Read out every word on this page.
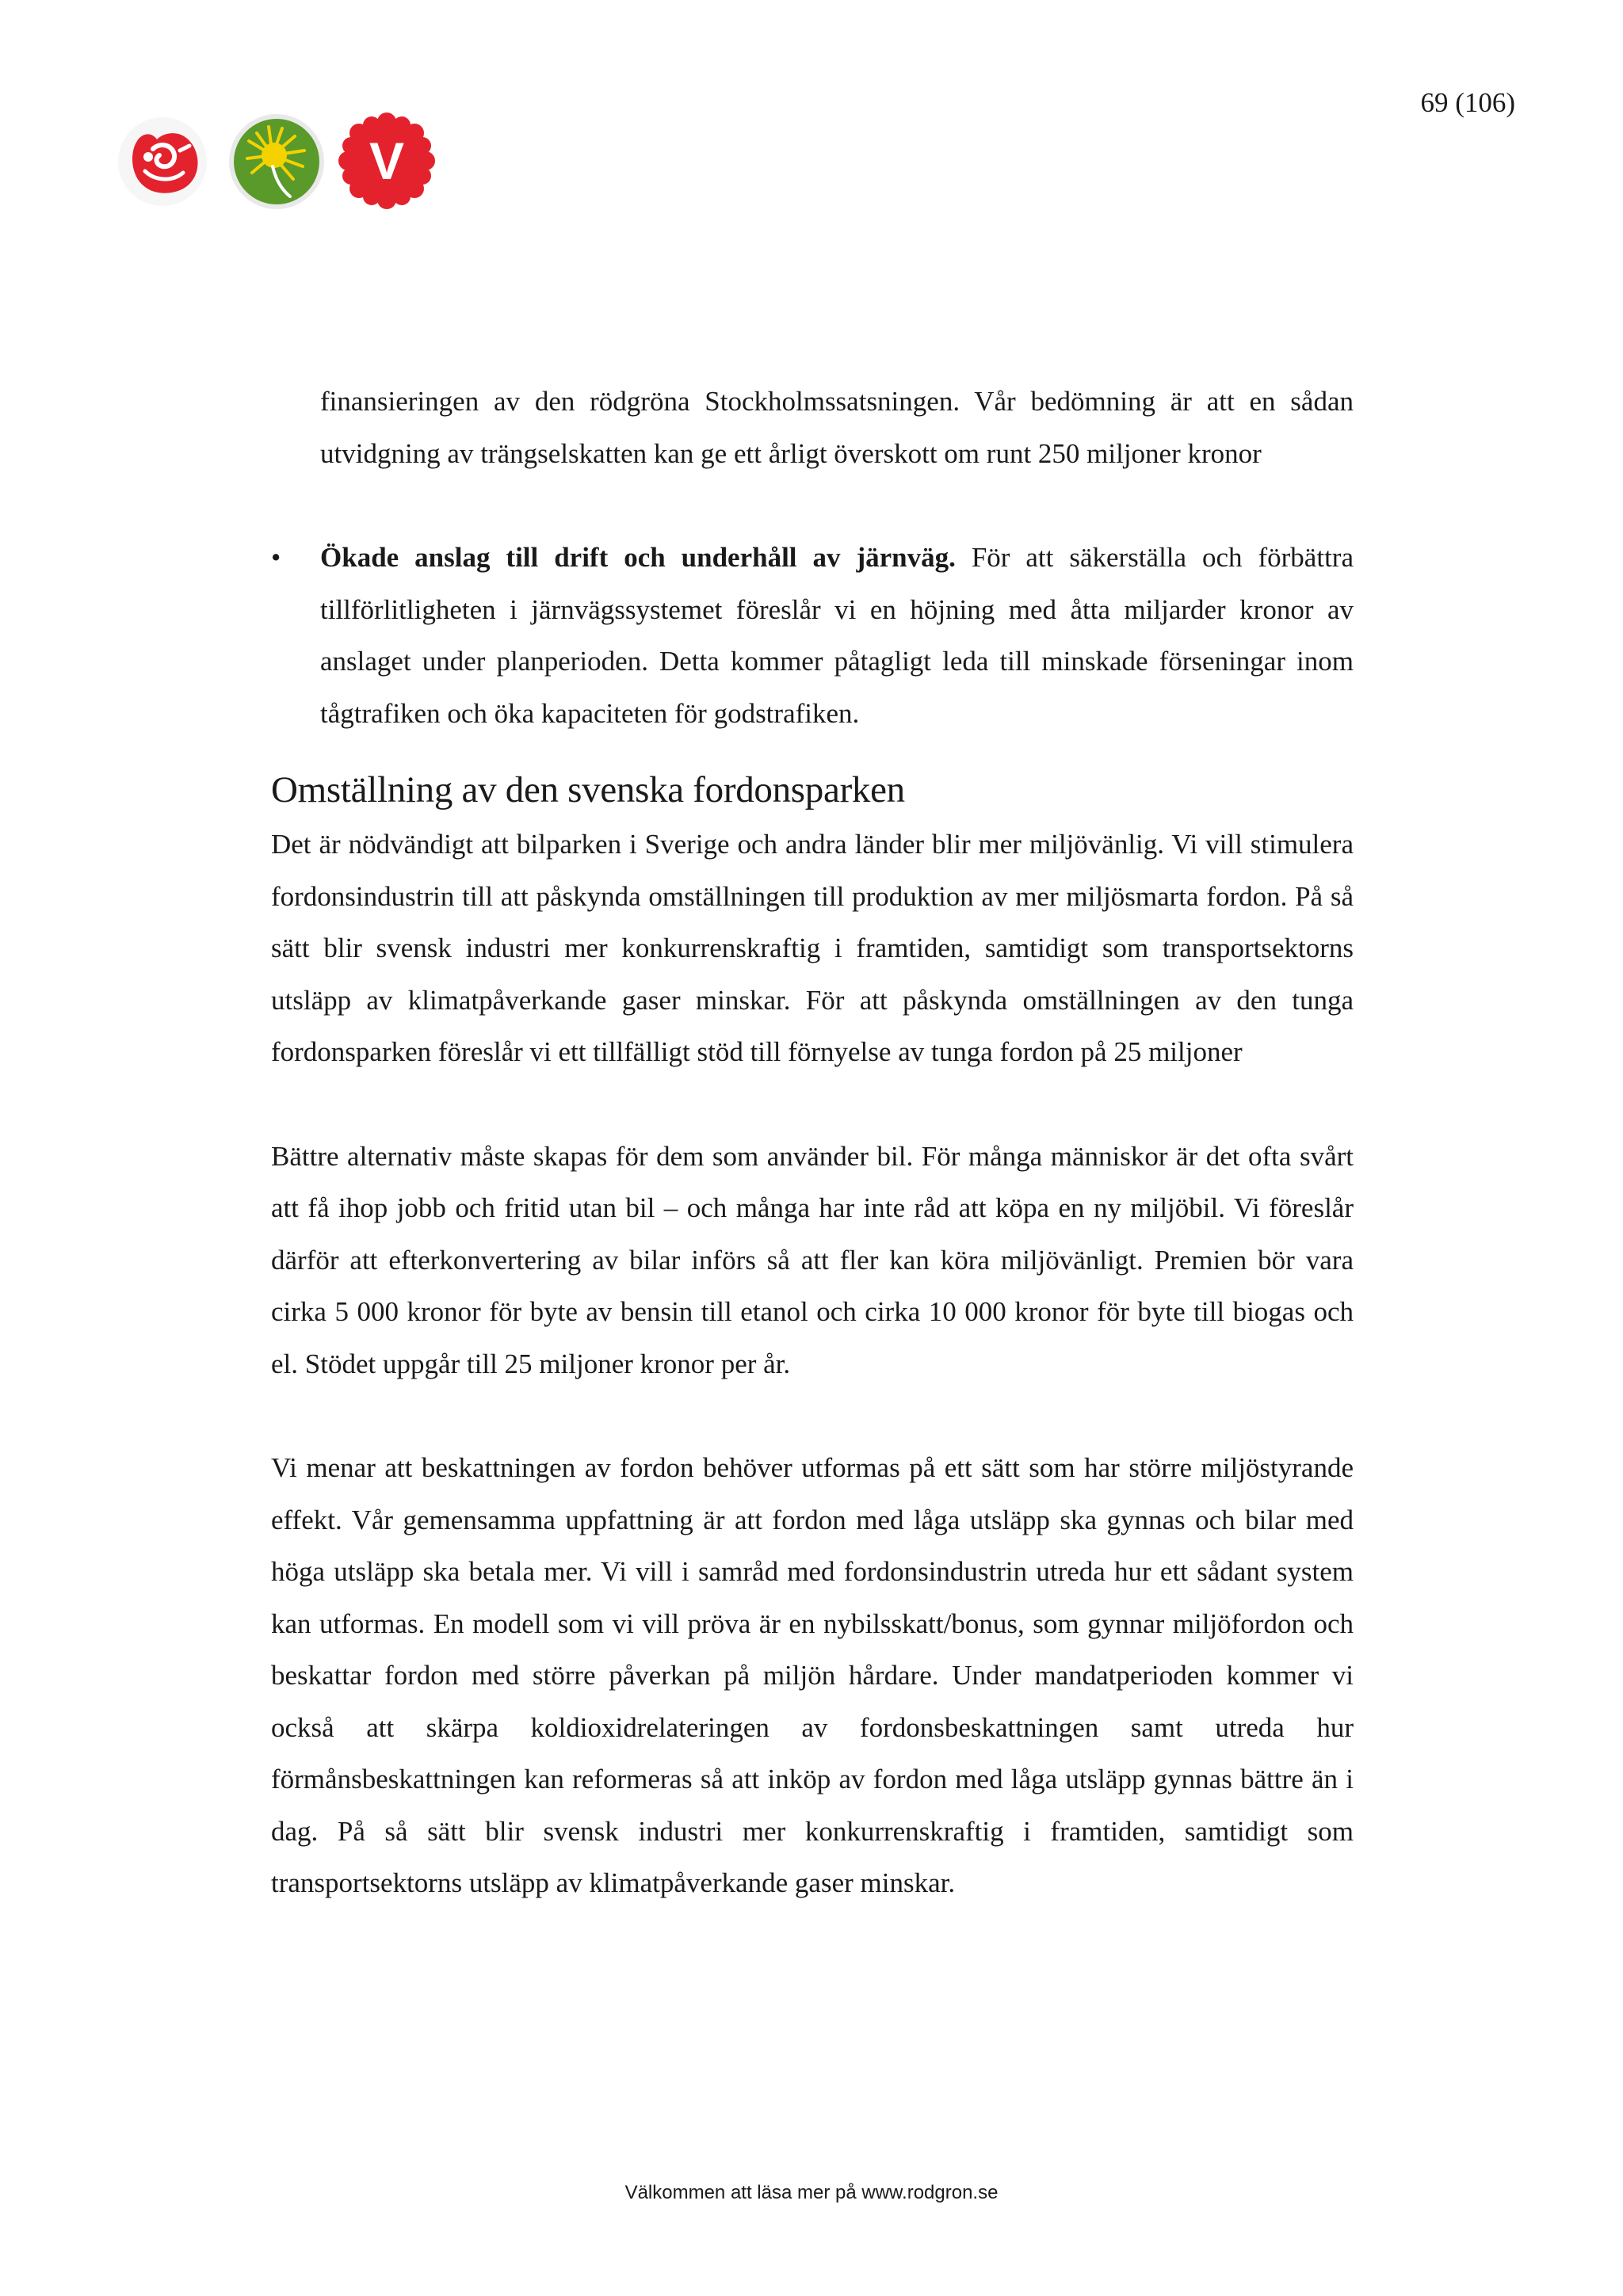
69 (106)
V

finansieringen av den rödgröna Stockholmssatsningen. Vår bedömning är att en sådan utvidgning av trängselskatten kan ge ett årligt överskott om runt 250 miljoner kronor

• Ökade anslag till drift och underhåll av järnväg. För att säkerställa och förbättra tillförlitligheten i järnvägssystemet föreslår vi en höjning med åtta miljarder kronor av anslaget under planperioden. Detta kommer påtagligt leda till minskade förseningar inom tågtrafiken och öka kapaciteten för godstrafiken.

Omställning av den svenska fordonsparken

Det är nödvändigt att bilparken i Sverige och andra länder blir mer miljövänlig. Vi vill stimulera fordonsindustrin till att påskynda omställningen till produktion av mer miljösmarta fordon. På så sätt blir svensk industri mer konkurrenskraftig i framtiden, samtidigt som transportsektorns utsläpp av klimatpåverkande gaser minskar. För att påskynda omställningen av den tunga fordonsparken föreslår vi ett tillfälligt stöd till förnyelse av tunga fordon på 25 miljoner

Bättre alternativ måste skapas för dem som använder bil. För många människor är det ofta svårt att få ihop jobb och fritid utan bil – och många har inte råd att köpa en ny miljöbil. Vi föreslår därför att efterkonvertering av bilar införs så att fler kan köra miljövänligt. Premien bör vara cirka 5 000 kronor för byte av bensin till etanol och cirka 10 000 kronor för byte till biogas och el. Stödet uppgår till 25 miljoner kronor per år.

Vi menar att beskattningen av fordon behöver utformas på ett sätt som har större miljöstyrande effekt. Vår gemensamma uppfattning är att fordon med låga utsläpp ska gynnas och bilar med höga utsläpp ska betala mer. Vi vill i samråd med fordonsindustrin utreda hur ett sådant system kan utformas. En modell som vi vill pröva är en nybilsskatt/bonus, som gynnar miljöfordon och beskattar fordon med större påverkan på miljön hårdare. Under mandatperioden kommer vi också att skärpa koldioxidrelateringen av fordonsbeskattningen samt utreda hur förmånsbeskattningen kan reformeras så att inköp av fordon med låga utsläpp gynnas bättre än i dag. På så sätt blir svensk industri mer konkurrenskraftig i framtiden, samtidigt som transportsektorns utsläpp av klimatpåverkande gaser minskar.

Välkommen att läsa mer på www.rodgron.se
